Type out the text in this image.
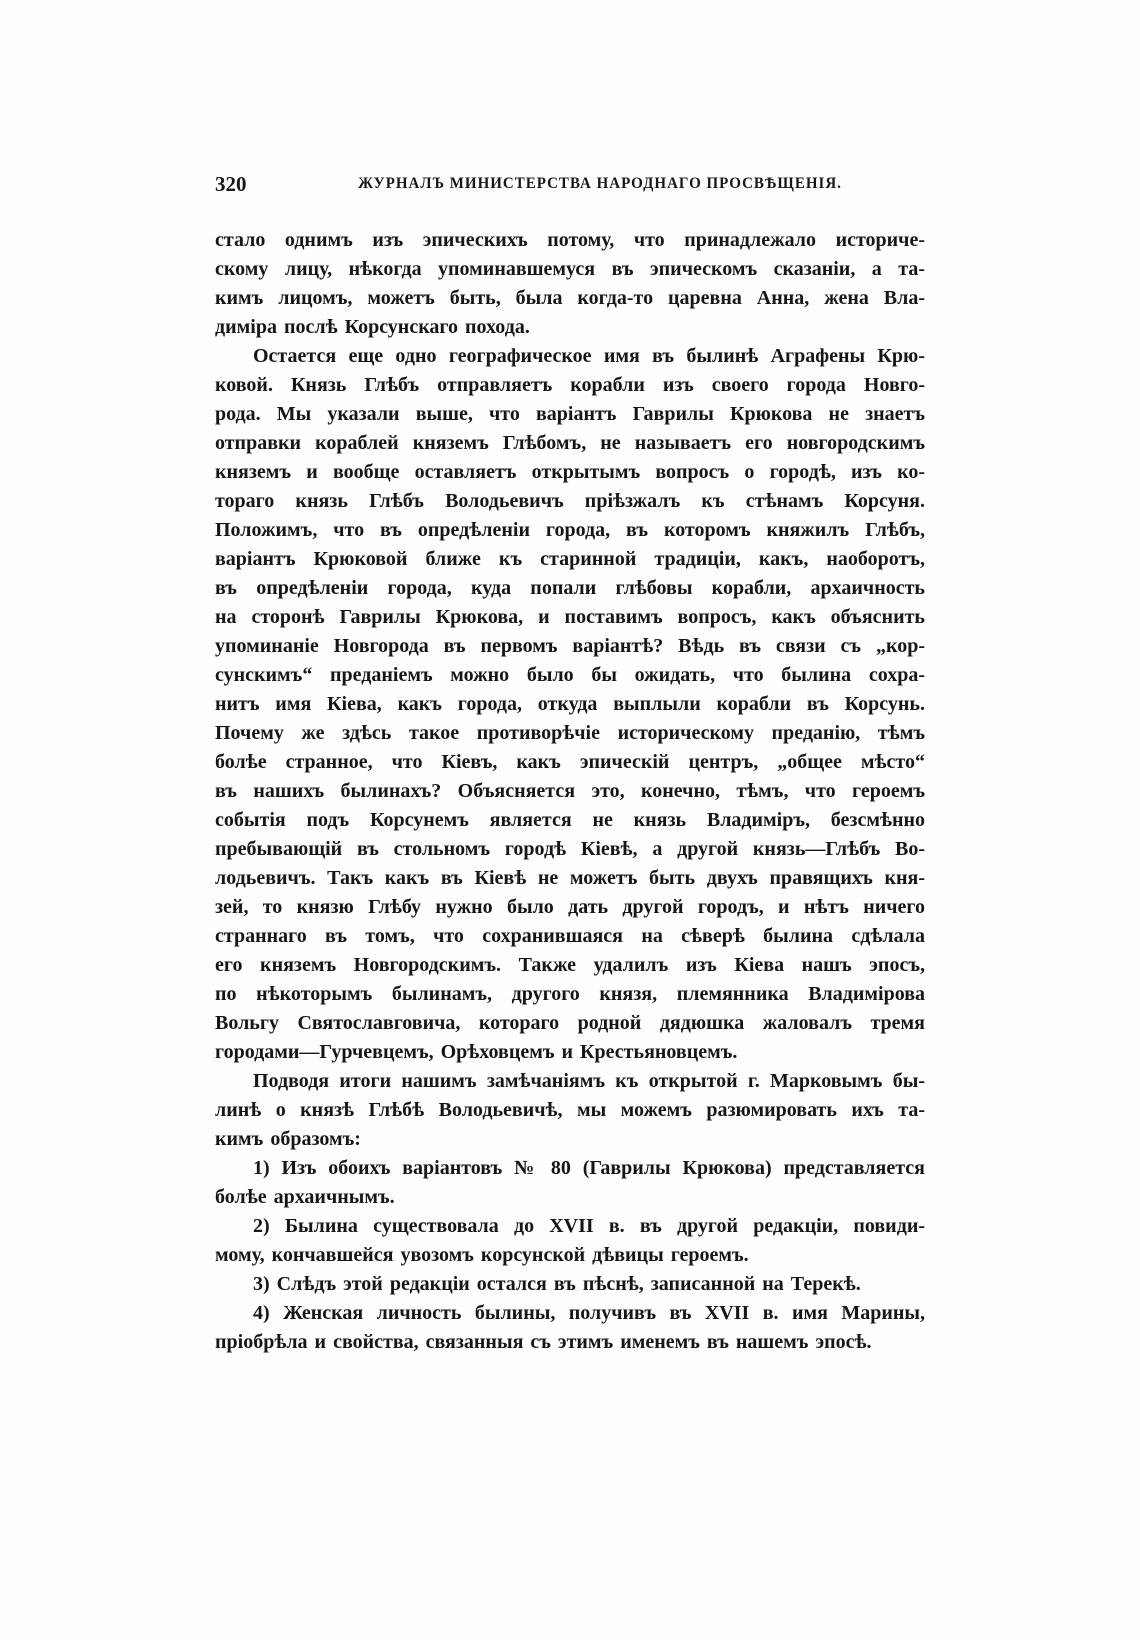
320	ЖУРНАЛЪ МИНИСТЕРСТВА НАРОДНАГО ПРОСВѢЩЕНІЯ.
стало однимъ изъ эпическихъ потому, что принадлежало историче-
скому лицу, нѣкогда упоминавшемуся въ эпическомъ сказаніи, а та-
кимъ лицомъ, можетъ быть, была когда-то царевна Анна, жена Вла-
диміра послѣ Корсунскаго похода.
Остается еще одно географическое имя въ былинѣ Аграфены Крю-
ковой. Князь Глѣбъ отправляетъ корабли изъ своего города Новго-
рода. Мы указали выше, что варіантъ Гаврилы Крюкова не знаетъ
отправки кораблей княземъ Глѣбомъ, не называетъ его новгородскимъ
княземъ и вообще оставляетъ открытымъ вопросъ о городѣ, изъ ко-
тораго князь Глѣбъ Володьевичъ пріѣзжалъ къ стѣнамъ Корсуня.
Положимъ, что въ опредѣленіи города, въ которомъ княжилъ Глѣбъ,
варіантъ Крюковой ближе къ старинной традиціи, какъ, наоборотъ,
въ опредѣленіи города, куда попали глѣбовы корабли, архаичность
на сторонѣ Гаврилы Крюкова, и поставимъ вопросъ, какъ объяснить
упоминаніе Новгорода въ первомъ варіантѣ? Вѣдь въ связи съ „кор-
сунскимъ“ преданіемъ можно было бы ожидать, что былина сохра-
нитъ имя Кіева, какъ города, откуда выплыли корабли въ Корсунь.
Почему же здѣсь такое противорѣчіе историческому преданію, тѣмъ
болѣе странное, что Кіевъ, какъ эпическій центръ, „общее мѣсто“
въ нашихъ былинахъ? Объясняется это, конечно, тѣмъ, что героемъ
событія подъ Корсунемъ является не князь Владиміръ, безсмѣнно
пребывающій въ стольномъ городѣ Кіевѣ, а другой князь—Глѣбъ Во-
лодьевичъ. Такъ какъ въ Кіевѣ не можетъ быть двухъ правящихъ кня-
зей, то князю Глѣбу нужно было дать другой городъ, и нѣтъ ничего
страннаго въ томъ, что сохранившаяся на сѣверѣ былина сдѣлала
его княземъ Новгородскимъ. Также удалилъ изъ Кіева нашъ эпосъ,
по нѣкоторымъ былинамъ, другого князя, племянника Владимірова
Вольгу Святославговича, котораго родной дядюшка жаловалъ тремя
городами—Гурчевцемъ, Орѣховцемъ и Крестьяновцемъ.
Подводя итоги нашимъ замѣчаніямъ къ открытой г. Марковымъ бы-
линѣ о князѣ Глѣбѣ Володьевичѣ, мы можемъ разюмировать ихъ та-
кимъ образомъ:
1) Изъ обоихъ варіантовъ № 80 (Гаврилы Крюкова) представляется
болѣе архаичнымъ.
2) Былина существовала до XVII в. въ другой редакціи, повиди-
мому, кончавшейся увозомъ корсунской дѣвицы героемъ.
3) Слѣдъ этой редакціи остался въ пѣснѣ, записанной на Терекѣ.
4) Женская личность былины, получивъ въ XVII в. имя Марины,
пріобрѣла и свойства, связанныя съ этимъ именемъ въ нашемъ эпосѣ.
